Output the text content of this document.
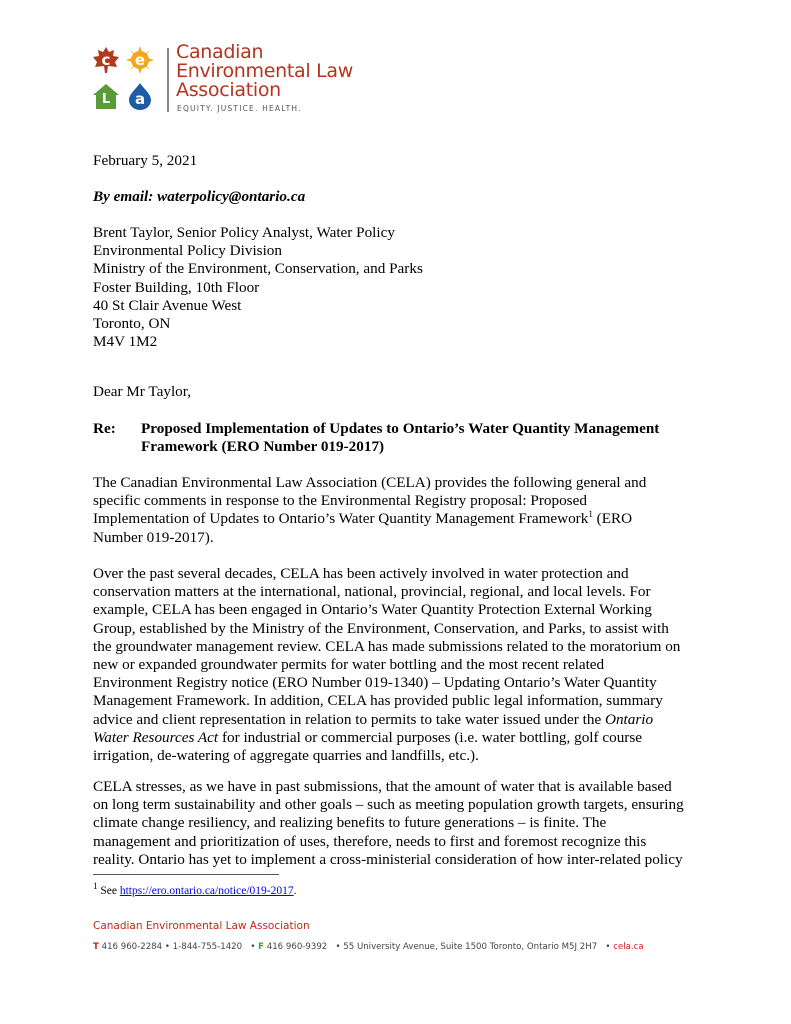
c e
L a
Canadian
Environmental Law
Association
EQUITY. JUSTICE. HEALTH.
February 5, 2021
By email: waterpolicy@ontario.ca
Brent Taylor, Senior Policy Analyst, Water Policy
Environmental Policy Division
Ministry of the Environment, Conservation, and Parks
Foster Building, 10th Floor
40 St Clair Avenue West
Toronto, ON
M4V 1M2
Dear Mr Taylor,
Re: Proposed Implementation of Updates to Ontario’s Water Quantity Management
Framework (ERO Number 019-2017)
The Canadian Environmental Law Association (CELA) provides the following general and
specific comments in response to the Environmental Registry proposal: Proposed
Implementation of Updates to Ontario’s Water Quantity Management Framework$^1$ (ERO
Number 019-2017).
Over the past several decades, CELA has been actively involved in water protection and
conservation matters at the international, national, provincial, regional, and local levels. For
example, CELA has been engaged in Ontario’s Water Quantity Protection External Working
Group, established by the Ministry of the Environment, Conservation, and Parks, to assist with
the groundwater management review. CELA has made submissions related to the moratorium on
new or expanded groundwater permits for water bottling and the most recent related
Environment Registry notice (ERO Number 019-1340) – Updating Ontario’s Water Quantity
Management Framework. In addition, CELA has provided public legal information, summary
advice and client representation in relation to permits to take water issued under the Ontario
Water Resources Act for industrial or commercial purposes (i.e. water bottling, golf course
irrigation, de-watering of aggregate quarries and landfills, etc.).
CELA stresses, as we have in past submissions, that the amount of water that is available based
on long term sustainability and other goals – such as meeting population growth targets, ensuring
climate change resiliency, and realizing benefits to future generations – is finite. The
management and prioritization of uses, therefore, needs to first and foremost recognize this
reality. Ontario has yet to implement a cross-ministerial consideration of how inter-related policy
$^1$ See https://ero.ontario.ca/notice/019-2017.
Canadian Environmental Law Association
T 416 960-2284 • 1-844-755-1420   • F 416 960-9392   • 55 University Avenue, Suite 1500 Toronto, Ontario M5J 2H7   • cela.ca
